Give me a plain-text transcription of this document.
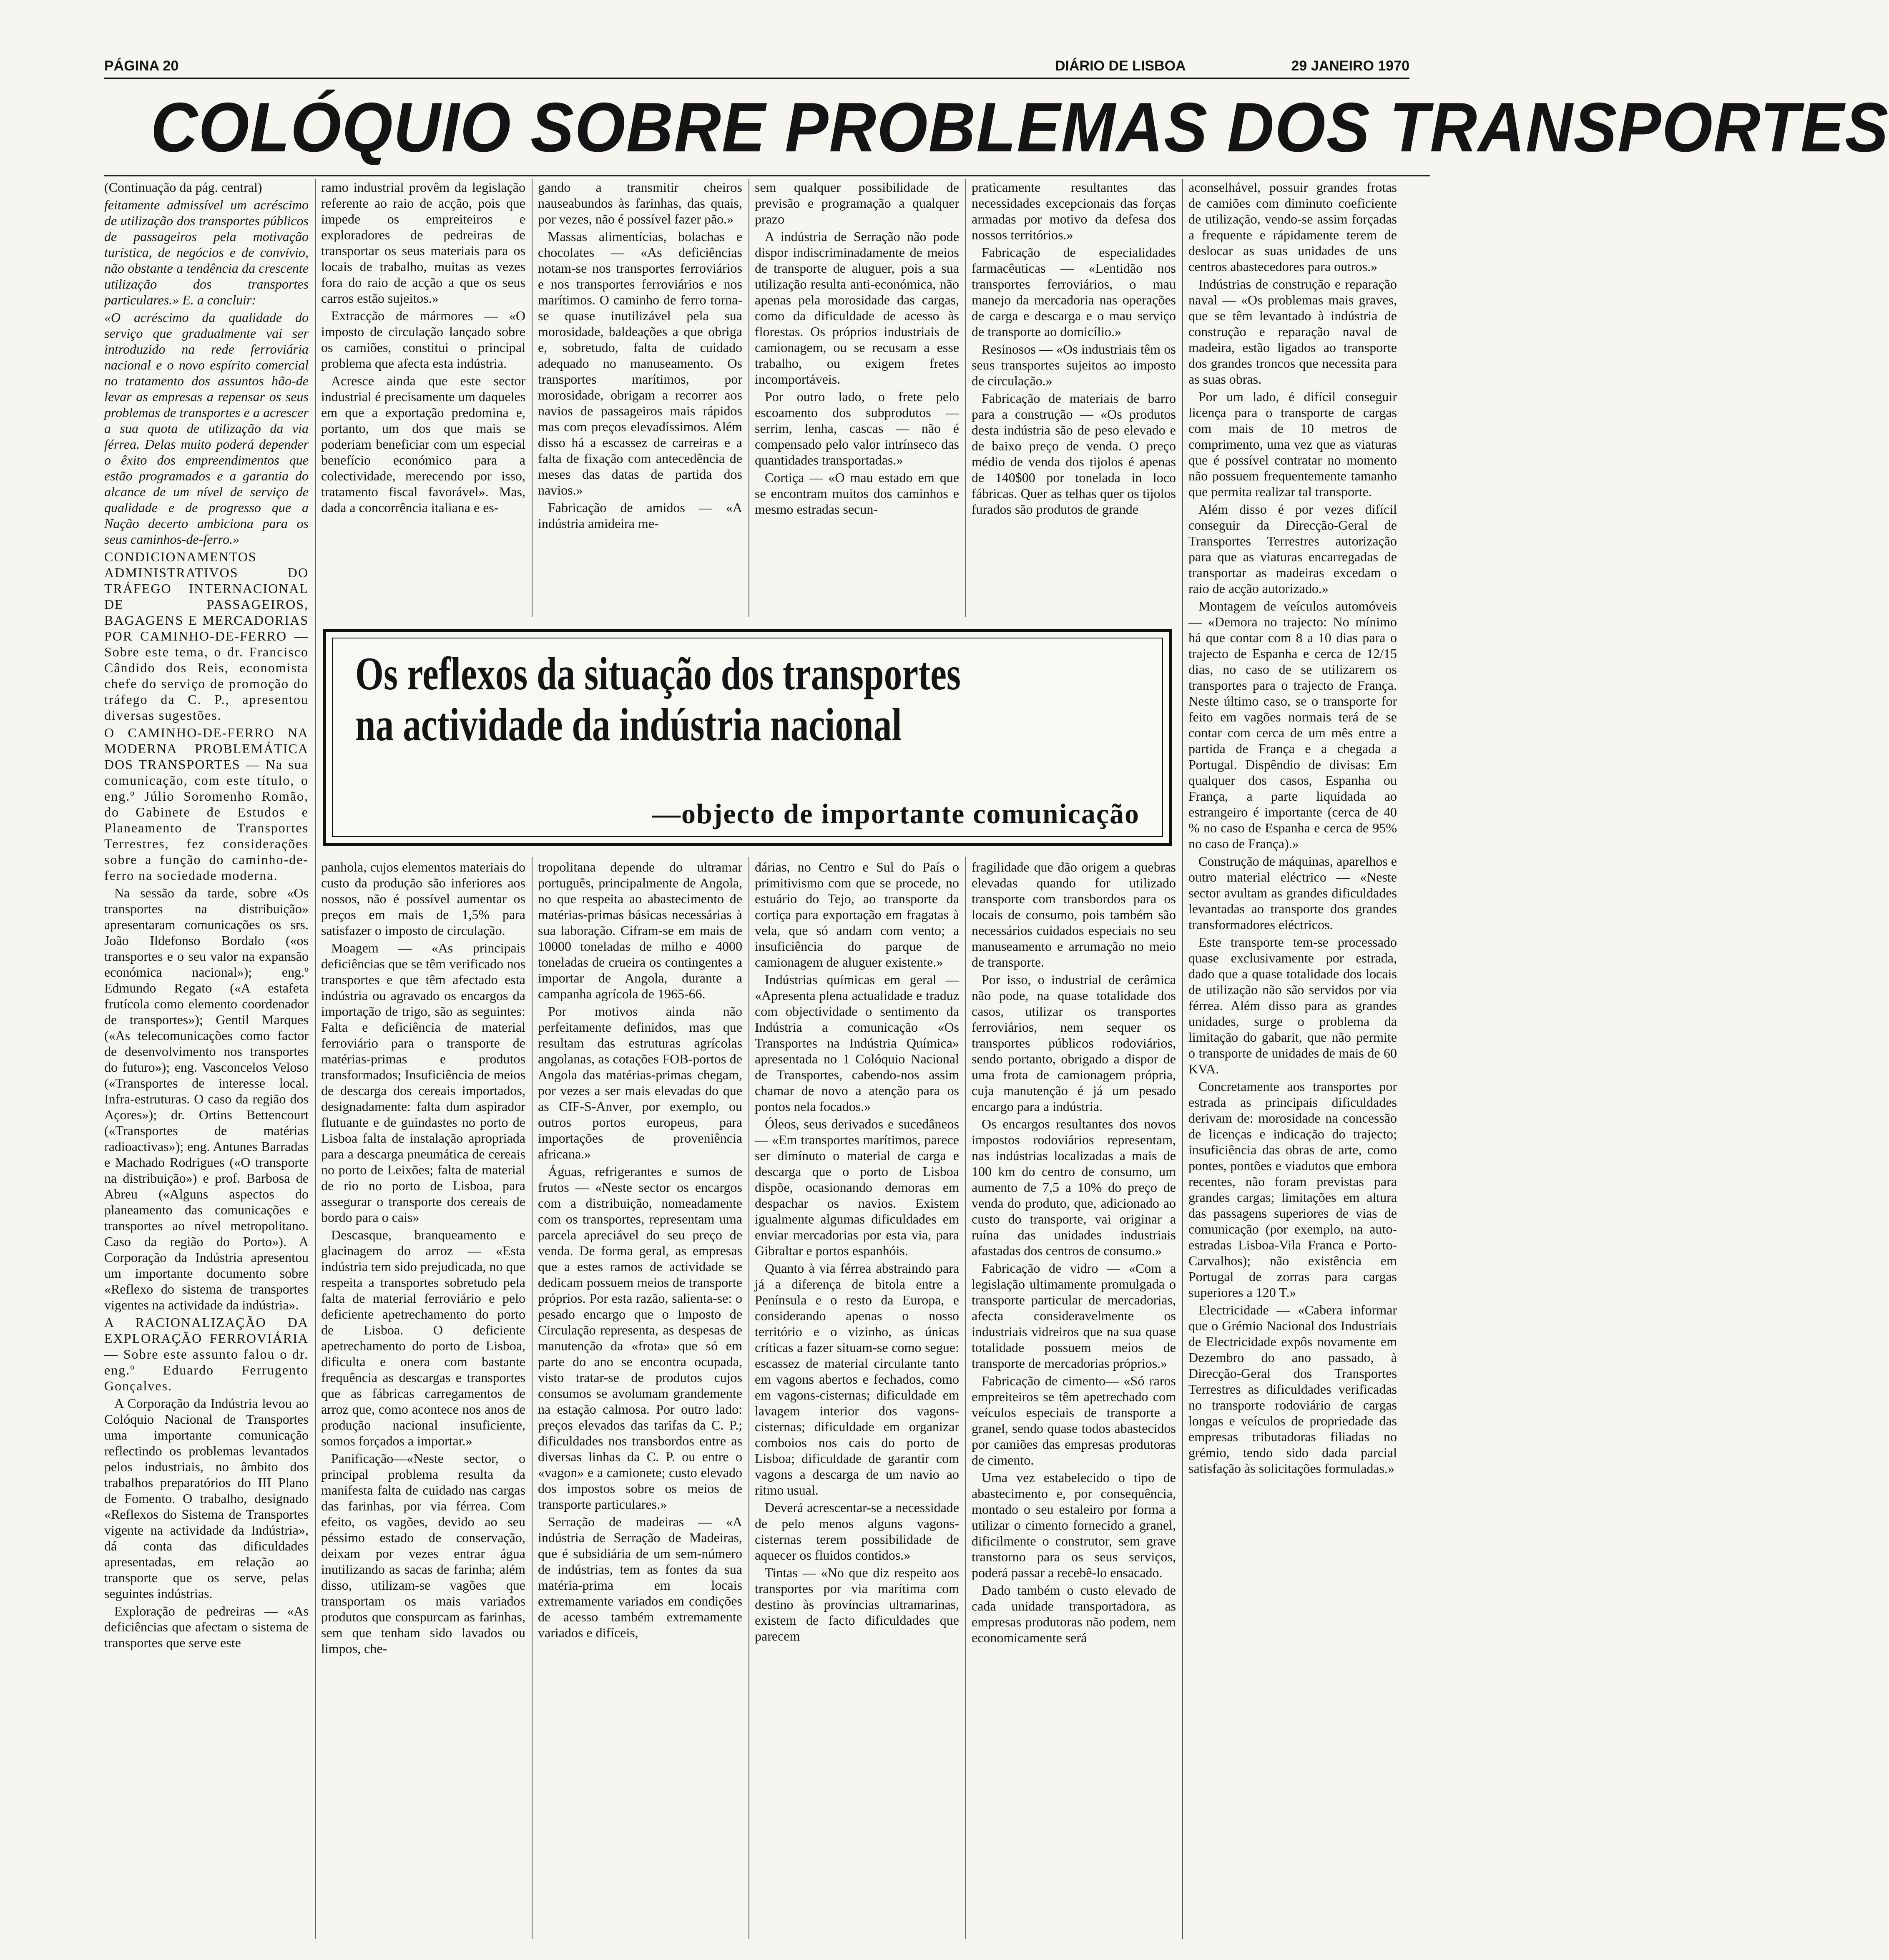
PÁGINA 20	DIÁRIO DE LISBOA	29 JANEIRO 1970
COLÓQUIO SOBRE PROBLEMAS DOS TRANSPORTES

(Continuação da pág. central)

feitamente admissível um acréscimo de utilização dos transportes públicos de passageiros pela motivação turística, de negócios e de convívio, não obstante a tendência da crescente utilização dos transportes particulares.» E. a concluir:

«O acréscimo da qualidade do serviço que gradualmente vai ser introduzido na rede ferroviária nacional e o novo espírito comercial no tratamento dos assuntos hão-de levar as empresas a repensar os seus problemas de transportes e a acrescer a sua quota de utilização da via férrea. Delas muito poderá depender o êxito dos empreendimentos que estão programados e a garantia do alcance de um nível de serviço de qualidade e de progresso que a Nação decerto ambiciona para os seus caminhos-de-ferro.»

CONDICIONAMENTOS ADMINISTRATIVOS DO TRÁFEGO INTERNACIONAL DE PASSAGEIROS, BAGAGENS E MERCADORIAS POR CAMINHO-DE-FERRO — Sobre este tema, o dr. Francisco Cândido dos Reis, economista chefe do serviço de promoção do tráfego da C. P., apresentou diversas sugestões.

O CAMINHO-DE-FERRO NA MODERNA PROBLEMÁTICA DOS TRANSPORTES — Na sua comunicação, com este título, o eng.º Júlio Soromenho Romão, do Gabinete de Estudos e Planeamento de Transportes Terrestres, fez considerações sobre a função do caminho-de-ferro na sociedade moderna.

Na sessão da tarde, sobre «Os transportes na distribuição» apresentaram comunicações os srs. João Ildefonso Bordalo («os transportes e o seu valor na expansão económica nacional»); eng.º Edmundo Regato («A estafeta frutícola como elemento coordenador de transportes»); Gentil Marques («As telecomunicações como factor de desenvolvimento nos transportes do futuro»); eng. Vasconcelos Veloso («Transportes de interesse local. Infra-estruturas. O caso da região dos Açores»); dr. Ortins Bettencourt («Transportes de matérias radioactivas»); eng. Antunes Barradas e Machado Rodrigues («O transporte na distribuição») e prof. Barbosa de Abreu («Alguns aspectos do planeamento das comunicações e transportes ao nível metropolitano. Caso da região do Porto»). A Corporação da Indústria apresentou um importante documento sobre «Reflexo do sistema de transportes vigentes na actividade da indústria».

A RACIONALIZAÇÃO DA EXPLORAÇÃO FERROVIÁRIA — Sobre este assunto falou o dr. eng.º Eduardo Ferrugento Gonçalves.

A Corporação da Indústria levou ao Colóquio Nacional de Transportes uma importante comunicação reflectindo os problemas levantados pelos industriais, no âmbito dos trabalhos preparatórios do III Plano de Fomento. O trabalho, designado «Reflexos do Sistema de Transportes vigente na actividade da Indústria», dá conta das dificuldades apresentadas, em relação ao transporte que os serve, pelas seguintes indústrias.

Exploração de pedreiras — «As deficiências que afectam o sistema de transportes que serve este

ramo industrial provêm da legislação referente ao raio de acção, pois que impede os empreiteiros e exploradores de pedreiras de transportar os seus materiais para os locais de trabalho, muitas as vezes fora do raio de acção a que os seus carros estão sujeitos.»

Extracção de mármores — «O imposto de circulação lançado sobre os camiões, constitui o principal problema que afecta esta indústria.

Acresce ainda que este sector industrial é precisamente um daqueles em que a exportação predomina e, portanto, um dos que mais se poderiam beneficiar com um especial benefício económico para a colectividade, merecendo por isso, tratamento fiscal favorável». Mas, dada a concorrência italiana e es-

gando a transmitir cheiros nauseabundos às farinhas, das quais, por vezes, não é possível fazer pão.»

Massas alimentícias, bolachas e chocolates — «As deficiências notam-se nos transportes ferroviários e nos transportes ferroviários e nos marítimos. O caminho de ferro torna-se quase inutilizável pela sua morosidade, baldeações a que obriga e, sobretudo, falta de cuidado adequado no manuseamento. Os transportes marítimos, por morosidade, obrigam a recorrer aos navios de passageiros mais rápidos mas com preços elevadíssimos. Além disso há a escassez de carreiras e a falta de fixação com antecedência de meses das datas de partida dos navios.»

Fabricação de amidos — «A indústria amideira me-

sem qualquer possibilidade de previsão e programação a qualquer prazo

A indústria de Serração não pode dispor indiscriminadamente de meios de transporte de aluguer, pois a sua utilização resulta anti-económica, não apenas pela morosidade das cargas, como da dificuldade de acesso às florestas. Os próprios industriais de camionagem, ou se recusam a esse trabalho, ou exigem fretes incomportáveis.

Por outro lado, o frete pelo escoamento dos subprodutos — serrim, lenha, cascas — não é compensado pelo valor intrínseco das quantidades transportadas.»

Cortiça — «O mau estado em que se encontram muitos dos caminhos e mesmo estradas secun-

praticamente resultantes das necessidades excepcionais das forças armadas por motivo da defesa dos nossos territórios.»

Fabricação de especialidades farmacêuticas — «Lentidão nos transportes ferroviários, o mau manejo da mercadoria nas operações de carga e descarga e o mau serviço de transporte ao domicílio.»

Resinosos — «Os industriais têm os seus transportes sujeitos ao imposto de circulação.»

Fabricação de materiais de barro para a construção — «Os produtos desta indústria são de peso elevado e de baixo preço de venda. O preço médio de venda dos tijolos é apenas de 140$00 por tonelada in loco fábricas. Quer as telhas quer os tijolos furados são produtos de grande

aconselhável, possuir grandes frotas de camiões com diminuto coeficiente de utilização, vendo-se assim forçadas a frequente e rápidamente terem de deslocar as suas unidades de uns centros abastecedores para outros.»

Indústrias de construção e reparação naval — «Os problemas mais graves, que se têm levantado à indústria de construção e reparação naval de madeira, estão ligados ao transporte dos grandes troncos que necessita para as suas obras.

Por um lado, é difícil conseguir licença para o transporte de cargas com mais de 10 metros de comprimento, uma vez que as viaturas que é possível contratar no momento não possuem frequentemente tamanho que permita realizar tal transporte.

Além disso é por vezes difícil conseguir da Direcção-Geral de Transportes Terrestres autorização para que as viaturas encarregadas de transportar as madeiras excedam o raio de acção autorizado.»

Montagem de veículos automóveis — «Demora no trajecto: No mínimo há que contar com 8 a 10 dias para o trajecto de Espanha e cerca de 12/15 dias, no caso de se utilizarem os transportes para o trajecto de França. Neste último caso, se o transporte for feito em vagões normais terá de se contar com cerca de um mês entre a partida de França e a chegada a Portugal. Dispêndio de divisas: Em qualquer dos casos, Espanha ou França, a parte liquidada ao estrangeiro é importante (cerca de 40 % no caso de Espanha e cerca de 95% no caso de França).»

Construção de máquinas, aparelhos e outro material eléctrico — «Neste sector avultam as grandes dificuldades levantadas ao transporte dos grandes transformadores eléctricos.

Este transporte tem-se processado quase exclusivamente por estrada, dado que a quase totalidade dos locais de utilização não são servidos por via férrea. Além disso para as grandes unidades, surge o problema da limitação do gabarit, que não permite o transporte de unidades de mais de 60 KVA.

Concretamente aos transportes por estrada as principais dificuldades derivam de: morosidade na concessão de licenças e indicação do trajecto; insuficiência das obras de arte, como pontes, pontões e viadutos que embora recentes, não foram previstas para grandes cargas; limitações em altura das passagens superiores de vias de comunicação (por exemplo, na auto-estradas Lisboa-Vila Franca e Porto-Carvalhos); não existência em Portugal de zorras para cargas superiores a 120 T.»

Electricidade — «Cabera informar que o Grémio Nacional dos Industriais de Electricidade expôs novamente em Dezembro do ano passado, à Direcção-Geral dos Transportes Terrestres as dificuldades verificadas no transporte rodoviário de cargas longas e veículos de propriedade das empresas tributadoras filiadas no grémio, tendo sido dada parcial satisfação às solicitações formuladas.»

Os reflexos da situação dos transportes
na actividade da indústria nacional
—objecto de importante comunicação

panhola, cujos elementos materiais do custo da produção são inferiores aos nossos, não é possível aumentar os preços em mais de 1,5% para satisfazer o imposto de circulação.

Moagem — «As principais deficiências que se têm verificado nos transportes e que têm afectado esta indústria ou agravado os encargos da importação de trigo, são as seguintes: Falta e deficiência de material ferroviário para o transporte de matérias-primas e produtos transformados; Insuficiência de meios de descarga dos cereais importados, designadamente: falta dum aspirador flutuante e de guindastes no porto de Lisboa falta de instalação apropriada para a descarga pneumática de cereais no porto de Leixões; falta de material de rio no porto de Lisboa, para assegurar o transporte dos cereais de bordo para o cais»

Descasque, branqueamento e glacinagem do arroz — «Esta indústria tem sido prejudicada, no que respeita a transportes sobretudo pela falta de material ferroviário e pelo deficiente apetrechamento do porto de Lisboa. O deficiente apetrechamento do porto de Lisboa, dificulta e onera com bastante frequência as descargas e transportes que as fábricas carregamentos de arroz que, como acontece nos anos de produção nacional insuficiente, somos forçados a importar.»

Panificação—«Neste sector, o principal problema resulta da manifesta falta de cuidado nas cargas das farinhas, por via férrea. Com efeito, os vagões, devido ao seu péssimo estado de conservação, deixam por vezes entrar água inutilizando as sacas de farinha; além disso, utilizam-se vagões que transportam os mais variados produtos que conspurcam as farinhas, sem que tenham sido lavados ou limpos, che-

tropolitana depende do ultramar português, principalmente de Angola, no que respeita ao abastecimento de matérias-primas básicas necessárias à sua laboração. Cifram-se em mais de 10000 toneladas de milho e 4000 toneladas de crueira os contingentes a importar de Angola, durante a campanha agrícola de 1965-66.

Por motivos ainda não perfeitamente definidos, mas que resultam das estruturas agrícolas angolanas, as cotações FOB-portos de Angola das matérias-primas chegam, por vezes a ser mais elevadas do que as CIF-S-Anver, por exemplo, ou outros portos europeus, para importações de proveniência africana.»

Águas, refrigerantes e sumos de frutos — «Neste sector os encargos com a distribuição, nomeadamente com os transportes, representam uma parcela apreciável do seu preço de venda. De forma geral, as empresas que a estes ramos de actividade se dedicam possuem meios de transporte próprios. Por esta razão, salienta-se: o pesado encargo que o Imposto de Circulação representa, as despesas de manutenção da «frota» que só em parte do ano se encontra ocupada, visto tratar-se de produtos cujos consumos se avolumam grandemente na estação calmosa. Por outro lado: preços elevados das tarifas da C. P.; dificuldades nos transbordos entre as diversas linhas da C. P. ou entre o «vagon» e a camionete; custo elevado dos impostos sobre os meios de transporte particulares.»

Serração de madeiras — «A indústria de Serração de Madeiras, que é subsidiária de um sem-número de indústrias, tem as fontes da sua matéria-prima em locais extremamente variados em condições de acesso também extremamente variados e difíceis,

dárias, no Centro e Sul do País o primitivismo com que se procede, no estuário do Tejo, ao transporte da cortiça para exportação em fragatas à vela, que só andam com vento; a insuficiência do parque de camionagem de aluguer existente.»

Indústrias químicas em geral — «Apresenta plena actualidade e traduz com objectividade o sentimento da Indústria a comunicação «Os Transportes na Indústria Química» apresentada no 1 Colóquio Nacional de Transportes, cabendo-nos assim chamar de novo a atenção para os pontos nela focados.»

Óleos, seus derivados e sucedâneos — «Em transportes marítimos, parece ser dimínuto o material de carga e descarga que o porto de Lisboa dispõe, ocasionando demoras em despachar os navios. Existem igualmente algumas dificuldades em enviar mercadorias por esta via, para Gibraltar e portos espanhóis.

Quanto à via férrea abstraindo para já a diferença de bitola entre a Península e o resto da Europa, e considerando apenas o nosso território e o vizinho, as únicas críticas a fazer situam-se como segue: escassez de material circulante tanto em vagons abertos e fechados, como em vagons-cisternas; dificuldade em lavagem interior dos vagons-cisternas; dificuldade em organizar comboios nos cais do porto de Lisboa; dificuldade de garantir com vagons a descarga de um navio ao ritmo usual.

Deverá acrescentar-se a necessidade de pelo menos alguns vagons-cisternas terem possibilidade de aquecer os fluidos contidos.»

Tintas — «No que diz respeito aos transportes por via marítima com destino às províncias ultramarinas, existem de facto dificuldades que parecem

fragilidade que dão origem a quebras elevadas quando for utilizado transporte com transbordos para os locais de consumo, pois também são necessários cuidados especiais no seu manuseamento e arrumação no meio de transporte.

Por isso, o industrial de cerâmica não pode, na quase totalidade dos casos, utilizar os transportes ferroviários, nem sequer os transportes públicos rodoviários, sendo portanto, obrigado a dispor de uma frota de camionagem própria, cuja manutenção é já um pesado encargo para a indústria.

Os encargos resultantes dos novos impostos rodoviários representam, nas indústrias localizadas a mais de 100 km do centro de consumo, um aumento de 7,5 a 10% do preço de venda do produto, que, adicionado ao custo do transporte, vai originar a ruína das unidades industriais afastadas dos centros de consumo.»

Fabricação de vidro — «Com a legislação ultimamente promulgada o transporte particular de mercadorias, afecta consideravelmente os industriais vidreiros que na sua quase totalidade possuem meios de transporte de mercadorias próprios.»

Fabricação de cimento— «Só raros empreiteiros se têm apetrechado com veículos especiais de transporte a granel, sendo quase todos abastecidos por camiões das empresas produtoras de cimento.

Uma vez estabelecido o tipo de abastecimento e, por consequência, montado o seu estaleiro por forma a utilizar o cimento fornecido a granel, dificilmente o construtor, sem grave transtorno para os seus serviços, poderá passar a recebê-lo ensacado.

Dado também o custo elevado de cada unidade transportadora, as empresas produtoras não podem, nem economicamente será
